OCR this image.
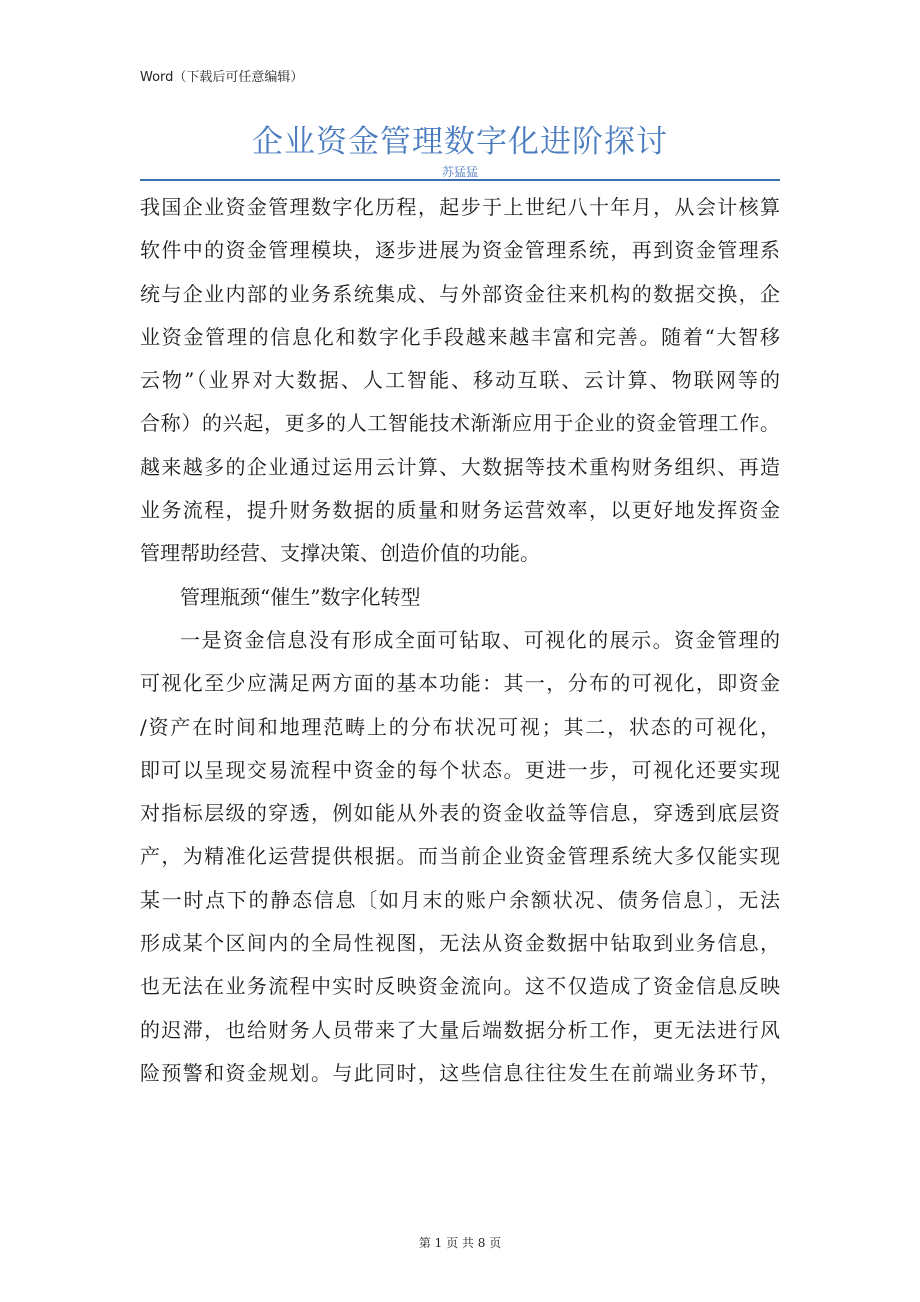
Word（下载后可任意编辑）
企业资金管理数字化进阶探讨
苏猛猛
我国企业资金管理数字化历程，起步于上世纪八十年月，从会计核算
软件中的资金管理模块，逐步进展为资金管理系统，再到资金管理系
统与企业内部的业务系统集成、与外部资金往来机构的数据交换，企
业资金管理的信息化和数字化手段越来越丰富和完善。随着“大智移
云物”（业界对大数据、人工智能、移动互联、云计算、物联网等的
合称）的兴起，更多的人工智能技术渐渐应用于企业的资金管理工作。
越来越多的企业通过运用云计算、大数据等技术重构财务组织、再造
业务流程，提升财务数据的质量和财务运营效率，以更好地发挥资金
管理帮助经营、支撑决策、创造价值的功能。
管理瓶颈“催生”数字化转型
一是资金信息没有形成全面可钻取、可视化的展示。资金管理的
可视化至少应满足两方面的基本功能：其一，分布的可视化，即资金
/资产在时间和地理范畴上的分布状况可视；其二，状态的可视化，
即可以呈现交易流程中资金的每个状态。更进一步，可视化还要实现
对指标层级的穿透，例如能从外表的资金收益等信息，穿透到底层资
产，为精准化运营提供根据。而当前企业资金管理系统大多仅能实现
某一时点下的静态信息〔如月末的账户余额状况、债务信息〕，无法
形成某个区间内的全局性视图，无法从资金数据中钻取到业务信息，
也无法在业务流程中实时反映资金流向。这不仅造成了资金信息反映
的迟滞，也给财务人员带来了大量后端数据分析工作，更无法进行风
险预警和资金规划。与此同时，这些信息往往发生在前端业务环节，
第 1 页 共 8 页
